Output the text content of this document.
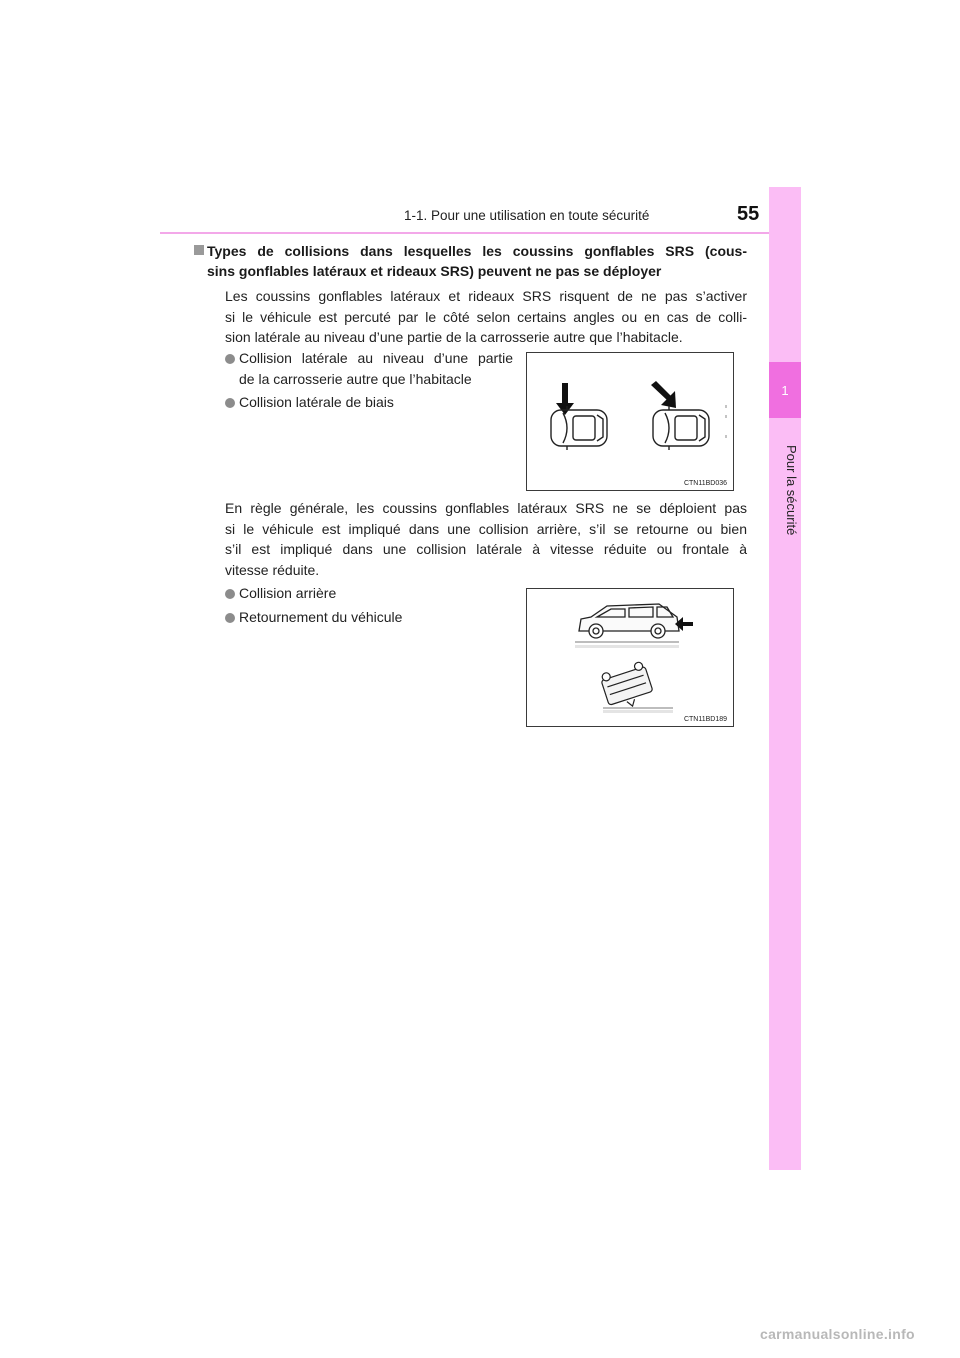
1-1. Pour une utilisation en toute sécurité	55
1
Pour la sécurité
Types de collisions dans lesquelles les coussins gonflables SRS (cous-
sins gonflables latéraux et rideaux SRS) peuvent ne pas se déployer
Les coussins gonflables latéraux et rideaux SRS risquent de ne pas s’activer
si le véhicule est percuté par le côté selon certains angles ou en cas de colli-
sion latérale au niveau d’une partie de la carrosserie autre que l’habitacle.
Collision latérale au niveau d’une partie
de la carrosserie autre que l’habitacle
Collision latérale de biais
CTN11BD036
En règle générale, les coussins gonflables latéraux SRS ne se déploient pas
si le véhicule est impliqué dans une collision arrière, s’il se retourne ou bien
s’il est impliqué dans une collision latérale à vitesse réduite ou frontale à
vitesse réduite.
Collision arrière
Retournement du véhicule
CTN11BD189
carmanualsonline.info
